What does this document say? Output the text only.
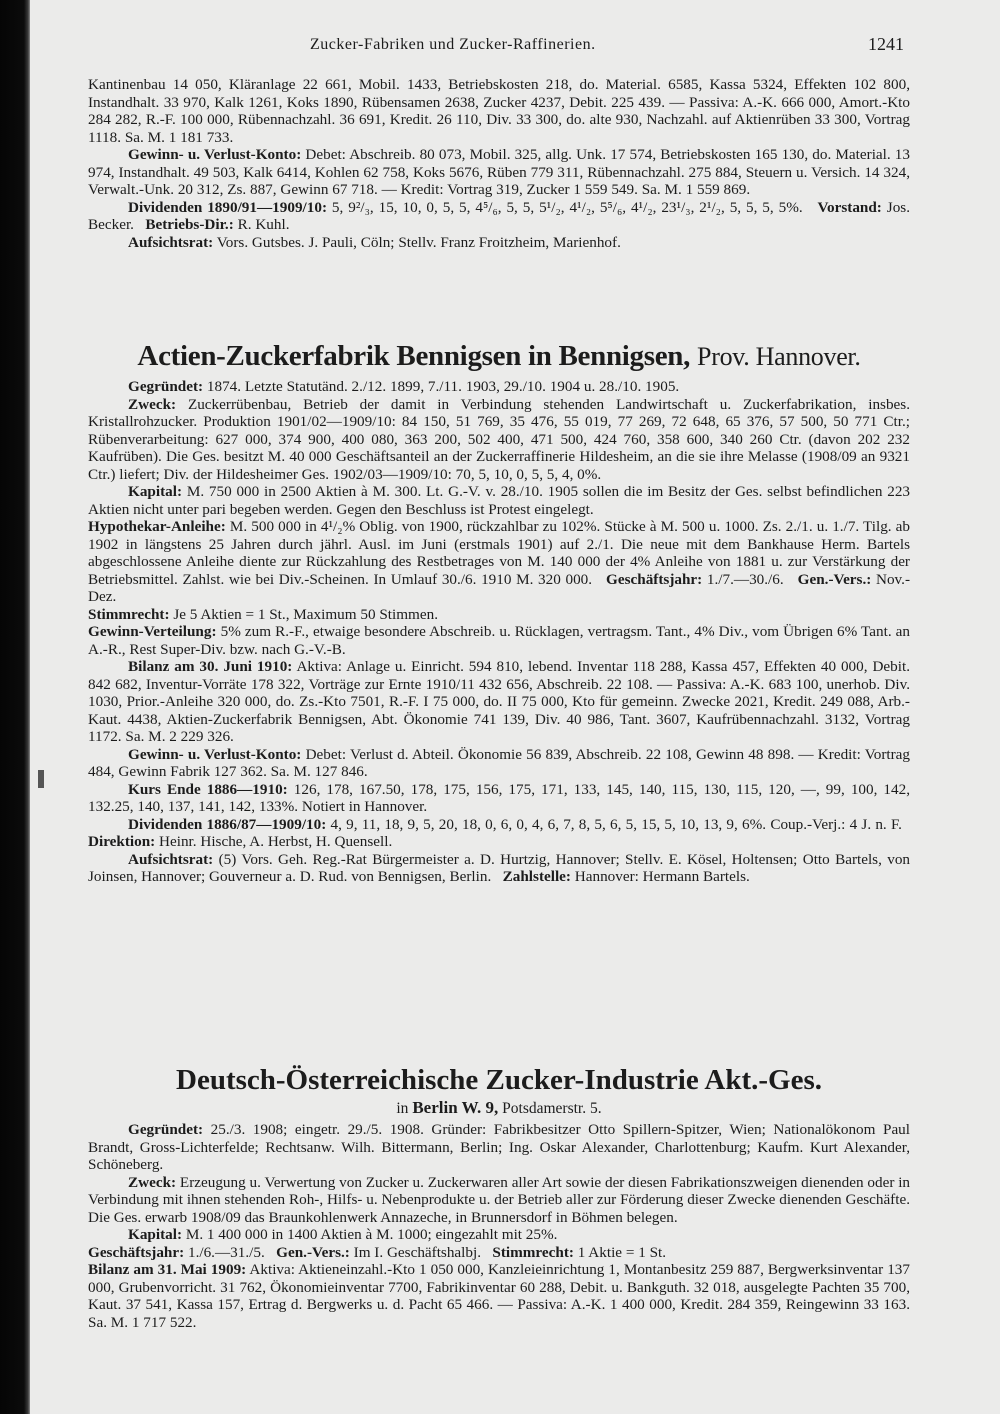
Zucker-Fabriken und Zucker-Raffinerien.	1241

Kantinenbau 14 050, Kläranlage 22 661, Mobil. 1433, Betriebskosten 218, do. Material. 6585, Kassa 5324, Effekten 102 800, Instandhalt. 33 970, Kalk 1261, Koks 1890, Rübensamen 2638, Zucker 4237, Debit. 225 439. — Passiva: A.-K. 666 000, Amort.-Kto 284 282, R.-F. 100 000, Rübennachzahl. 36 691, Kredit. 26 110, Div. 33 300, do. alte 930, Nachzahl. auf Aktienrüben 33 300, Vortrag 1118. Sa. M. 1 181 733.

Gewinn- u. Verlust-Konto: Debet: Abschreib. 80 073, Mobil. 325, allg. Unk. 17 574, Betriebskosten 165 130, do. Material. 13 974, Instandhalt. 49 503, Kalk 6414, Kohlen 62 758, Koks 5676, Rüben 779 311, Rübennachzahl. 275 884, Steuern u. Versich. 14 324, Verwalt.-Unk. 20 312, Zs. 887, Gewinn 67 718. — Kredit: Vortrag 319, Zucker 1 559 549. Sa. M. 1 559 869.

Dividenden 1890/91—1909/10: 5, 9²/₃, 15, 10, 0, 5, 5, 4⁵/₆, 5, 5, 5¹/₂, 4¹/₂, 5⁵/₆, 4¹/₂, 23¹/₃, 2¹/₂, 5, 5, 5, 5%. Vorstand: Jos. Becker. Betriebs-Dir.: R. Kuhl.

Aufsichtsrat: Vors. Gutsbes. J. Pauli, Cöln; Stellv. Franz Froitzheim, Marienhof.

Actien-Zuckerfabrik Bennigsen in Bennigsen, Prov. Hannover.

Gegründet: 1874. Letzte Statutänd. 2./12. 1899, 7./11. 1903, 29./10. 1904 u. 28./10. 1905.

Zweck: Zuckerrübenbau, Betrieb der damit in Verbindung stehenden Landwirtschaft u. Zuckerfabrikation, insbes. Kristallrohzucker. Produktion 1901/02—1909/10: 84 150, 51 769, 35 476, 55 019, 77 269, 72 648, 65 376, 57 500, 50 771 Ctr.; Rübenverarbeitung: 627 000, 374 900, 400 080, 363 200, 502 400, 471 500, 424 760, 358 600, 340 260 Ctr. (davon 202 232 Kaufrüben). Die Ges. besitzt M. 40 000 Geschäftsanteil an der Zuckerraffinerie Hildesheim, an die sie ihre Melasse (1908/09 an 9321 Ctr.) liefert; Div. der Hildesheimer Ges. 1902/03—1909/10: 70, 5, 10, 0, 5, 5, 4, 0%.

Kapital: M. 750 000 in 2500 Aktien à M. 300. Lt. G.-V. v. 28./10. 1905 sollen die im Besitz der Ges. selbst befindlichen 223 Aktien nicht unter pari begeben werden. Gegen den Beschluss ist Protest eingelegt.

Hypothekar-Anleihe: M. 500 000 in 4¹/₂% Oblig. von 1900, rückzahlbar zu 102%. Stücke à M. 500 u. 1000. Zs. 2./1. u. 1./7. Tilg. ab 1902 in längstens 25 Jahren durch jährl. Ausl. im Juni (erstmals 1901) auf 2./1. Die neue mit dem Bankhause Herm. Bartels abgeschlossene Anleihe diente zur Rückzahlung des Restbetrages von M. 140 000 der 4% Anleihe von 1881 u. zur Verstärkung der Betriebsmittel. Zahlst. wie bei Div.-Scheinen. In Umlauf 30./6. 1910 M. 320 000. Geschäftsjahr: 1./7.—30./6. Gen.-Vers.: Nov.-Dez.

Stimmrecht: Je 5 Aktien = 1 St., Maximum 50 Stimmen.

Gewinn-Verteilung: 5% zum R.-F., etwaige besondere Abschreib. u. Rücklagen, vertragsm. Tant., 4% Div., vom Übrigen 6% Tant. an A.-R., Rest Super-Div. bzw. nach G.-V.-B.

Bilanz am 30. Juni 1910: Aktiva: Anlage u. Einricht. 594 810, lebend. Inventar 118 288, Kassa 457, Effekten 40 000, Debit. 842 682, Inventur-Vorräte 178 322, Vorträge zur Ernte 1910/11 432 656, Abschreib. 22 108. — Passiva: A.-K. 683 100, unerhob. Div. 1030, Prior.-Anleihe 320 000, do. Zs.-Kto 7501, R.-F. I 75 000, do. II 75 000, Kto für gemeinn. Zwecke 2021, Kredit. 249 088, Arb.-Kaut. 4438, Aktien-Zuckerfabrik Bennigsen, Abt. Ökonomie 741 139, Div. 40 986, Tant. 3607, Kaufrübennachzahl. 3132, Vortrag 1172. Sa. M. 2 229 326.

Gewinn- u. Verlust-Konto: Debet: Verlust d. Abteil. Ökonomie 56 839, Abschreib. 22 108, Gewinn 48 898. — Kredit: Vortrag 484, Gewinn Fabrik 127 362. Sa. M. 127 846.

Kurs Ende 1886—1910: 126, 178, 167.50, 178, 175, 156, 175, 171, 133, 145, 140, 115, 130, 115, 120, —, 99, 100, 142, 132.25, 140, 137, 141, 142, 133%. Notiert in Hannover.

Dividenden 1886/87—1909/10: 4, 9, 11, 18, 9, 5, 20, 18, 0, 6, 0, 4, 6, 7, 8, 5, 6, 5, 15, 5, 10, 13, 9, 6%. Coup.-Verj.: 4 J. n. F.   Direktion: Heinr. Hische, A. Herbst, H. Quensell.

Aufsichtsrat: (5) Vors. Geh. Reg.-Rat Bürgermeister a. D. Hurtzig, Hannover; Stellv. E. Kösel, Holtensen; Otto Bartels, von Joinsen, Hannover; Gouverneur a. D. Rud. von Bennigsen, Berlin. Zahlstelle: Hannover: Hermann Bartels.

Deutsch-Österreichische Zucker-Industrie Akt.-Ges.
in Berlin W. 9, Potsdamerstr. 5.

Gegründet: 25./3. 1908; eingetr. 29./5. 1908. Gründer: Fabrikbesitzer Otto Spillern-Spitzer, Wien; Nationalökonom Paul Brandt, Gross-Lichterfelde; Rechtsanw. Wilh. Bittermann, Berlin; Ing. Oskar Alexander, Charlottenburg; Kaufm. Kurt Alexander, Schöneberg.

Zweck: Erzeugung u. Verwertung von Zucker u. Zuckerwaren aller Art sowie der diesen Fabrikationszweigen dienenden oder in Verbindung mit ihnen stehenden Roh-, Hilfs- u. Nebenprodukte u. der Betrieb aller zur Förderung dieser Zwecke dienenden Geschäfte. Die Ges. erwarb 1908/09 das Braunkohlenwerk Annazeche, in Brunnersdorf in Böhmen belegen.

Kapital: M. 1 400 000 in 1400 Aktien à M. 1000; eingezahlt mit 25%.

Geschäftsjahr: 1./6.—31./5. Gen.-Vers.: Im I. Geschäftshalbj. Stimmrecht: 1 Aktie = 1 St.

Bilanz am 31. Mai 1909: Aktiva: Aktieneinzahl.-Kto 1 050 000, Kanzleieinrichtung 1, Montanbesitz 259 887, Bergwerksinventar 137 000, Grubenvorricht. 31 762, Ökonomieinventar 7700, Fabrikinventar 60 288, Debit. u. Bankguth. 32 018, ausgelegte Pachten 35 700, Kaut. 37 541, Kassa 157, Ertrag d. Bergwerks u. d. Pacht 65 466. — Passiva: A.-K. 1 400 000, Kredit. 284 359, Reingewinn 33 163. Sa. M. 1 717 522.
